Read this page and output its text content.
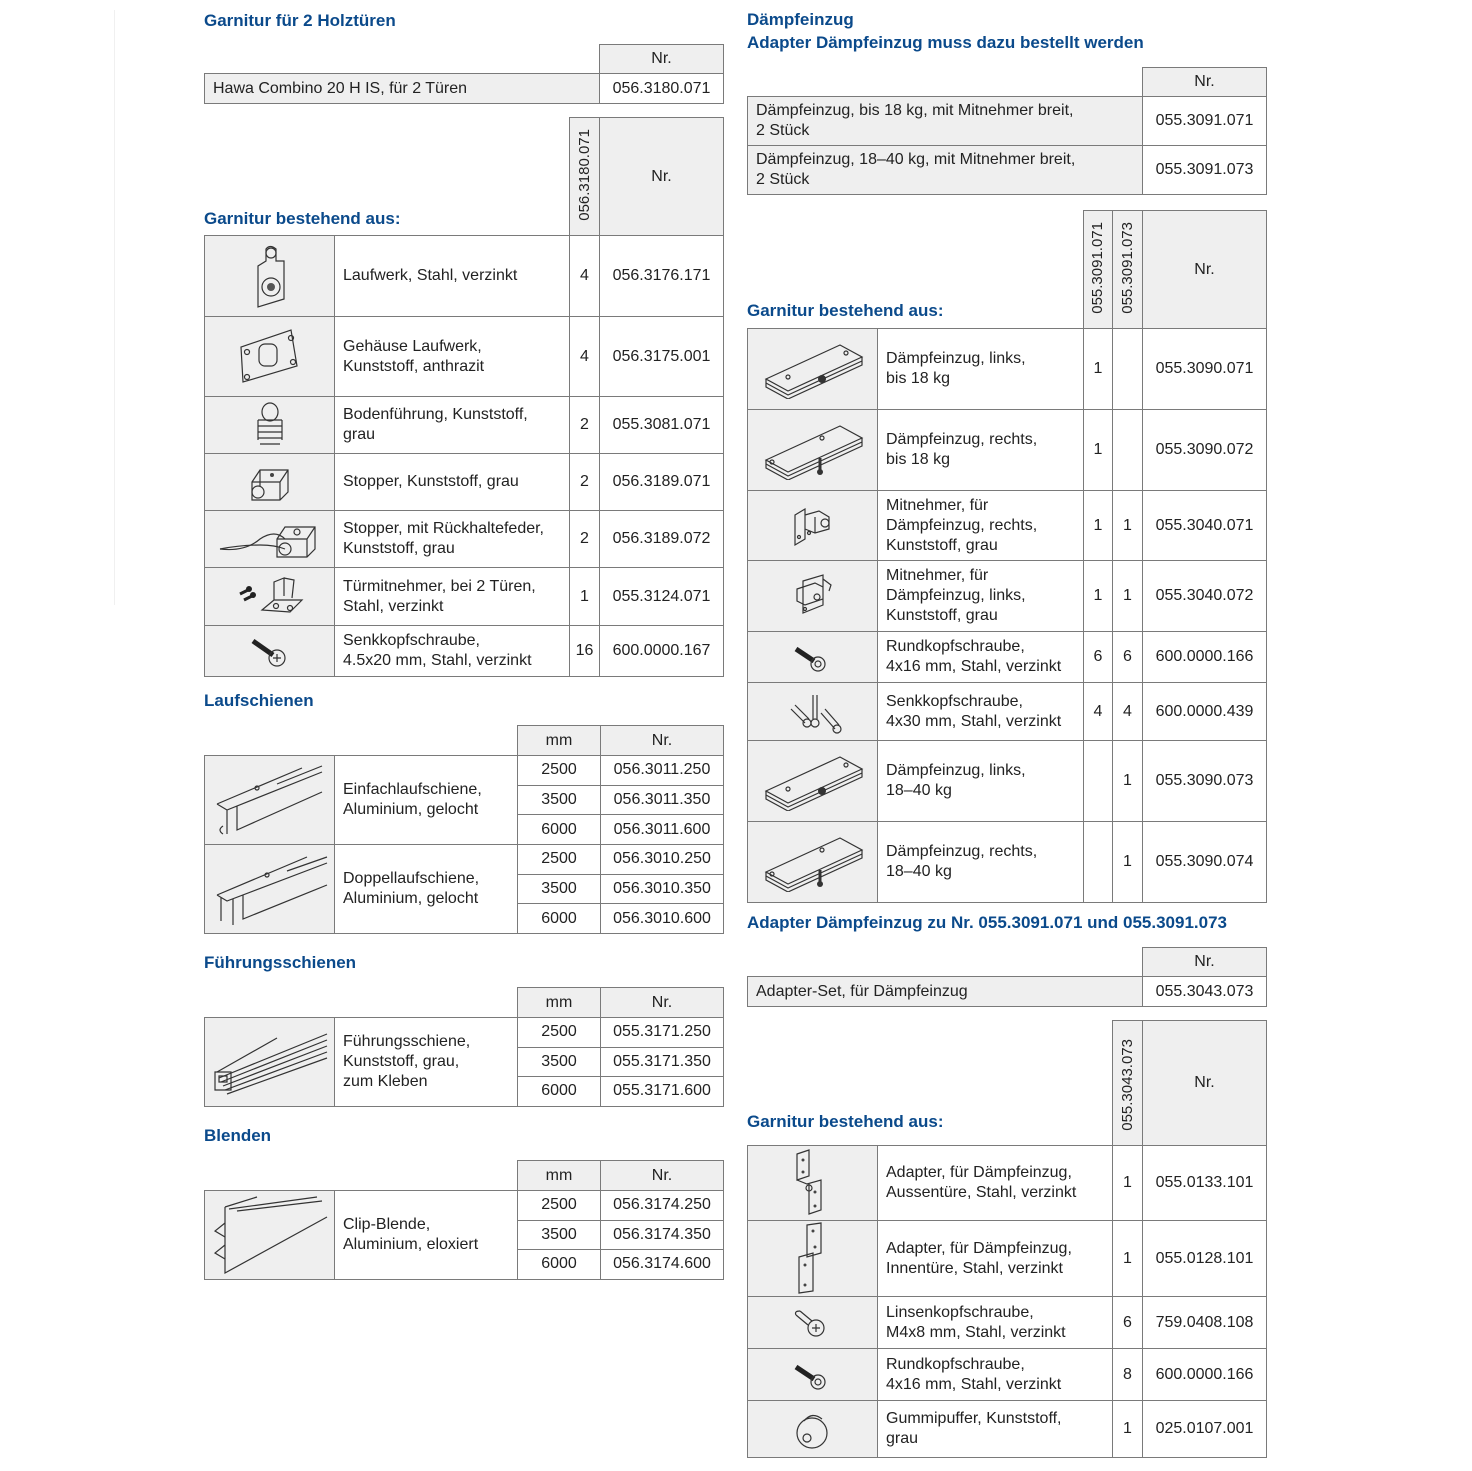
Garnitur für 2 Holztüren
	Nr.
Hawa Combino 20 H IS, für 2 Türen	056.3180.071
Garnitur bestehend aus:
		056.3180.071	Nr.

	Laufwerk, Stahl, verzinkt	4	056.3176.171

	Gehäuse Laufwerk,
Kunststoff, anthrazit	4	056.3175.001

	Bodenführung, Kunststoff,
grau	2	055.3081.071

	Stopper, Kunststoff, grau	2	056.3189.071

	Stopper, mit Rückhaltefeder,
Kunststoff, grau	2	056.3189.072

	Türmitnehmer, bei 2 Türen,
Stahl, verzinkt	1	055.3124.071

	Senkkopfschraube,
4.5x20 mm, Stahl, verzinkt	16	600.0000.167
Laufschienen
		mm	Nr.

	Einfachlaufschiene,
Aluminium, gelocht	2500	056.3011.250
		3500	056.3011.350
		6000	056.3011.600

	Doppellaufschiene,
Aluminium, gelocht	2500	056.3010.250
		3500	056.3010.350
		6000	056.3010.600
Führungsschienen
		mm	Nr.

	Führungsschiene,
Kunststoff, grau,
zum Kleben	2500	055.3171.250
		3500	055.3171.350
		6000	055.3171.600
Blenden
		mm	Nr.

	Clip-Blende,
Aluminium, eloxiert	2500	056.3174.250
		3500	056.3174.350
		6000	056.3174.600
Dämpfeinzug
Adapter Dämpfeinzug muss dazu bestellt werden
	Nr.
Dämpfeinzug, bis 18 kg, mit Mitnehmer breit,
2 Stück	055.3091.071
Dämpfeinzug, 18–40 kg, mit Mitnehmer breit,
2 Stück	055.3091.073
Garnitur bestehend aus:
		055.3091.071	055.3091.073	Nr.

	Dämpfeinzug, links,
bis 18 kg	1		055.3090.071

	Dämpfeinzug, rechts,
bis 18 kg	1		055.3090.072

	Mitnehmer, für
Dämpfeinzug, rechts,
Kunststoff, grau	1	1	055.3040.071

	Mitnehmer, für
Dämpfeinzug, links,
Kunststoff, grau	1	1	055.3040.072

	Rundkopfschraube,
4x16 mm, Stahl, verzinkt	6	6	600.0000.166

	Senkkopfschraube,
4x30 mm, Stahl, verzinkt	4	4	600.0000.439

	Dämpfeinzug, links,
18–40 kg		1	055.3090.073

	Dämpfeinzug, rechts,
18–40 kg		1	055.3090.074
Adapter Dämpfeinzug zu Nr. 055.3091.071 und 055.3091.073
	Nr.
Adapter-Set, für Dämpfeinzug	055.3043.073
Garnitur bestehend aus:
		055.3043.073	Nr.

	Adapter, für Dämpfeinzug,
Aussentüre, Stahl, verzinkt	1	055.0133.101

	Adapter, für Dämpfeinzug,
Innentüre, Stahl, verzinkt	1	055.0128.101

	Linsenkopfschraube,
M4x8 mm, Stahl, verzinkt	6	759.0408.108

	Rundkopfschraube,
4x16 mm, Stahl, verzinkt	8	600.0000.166

	Gummipuffer, Kunststoff,
grau	1	025.0107.001
